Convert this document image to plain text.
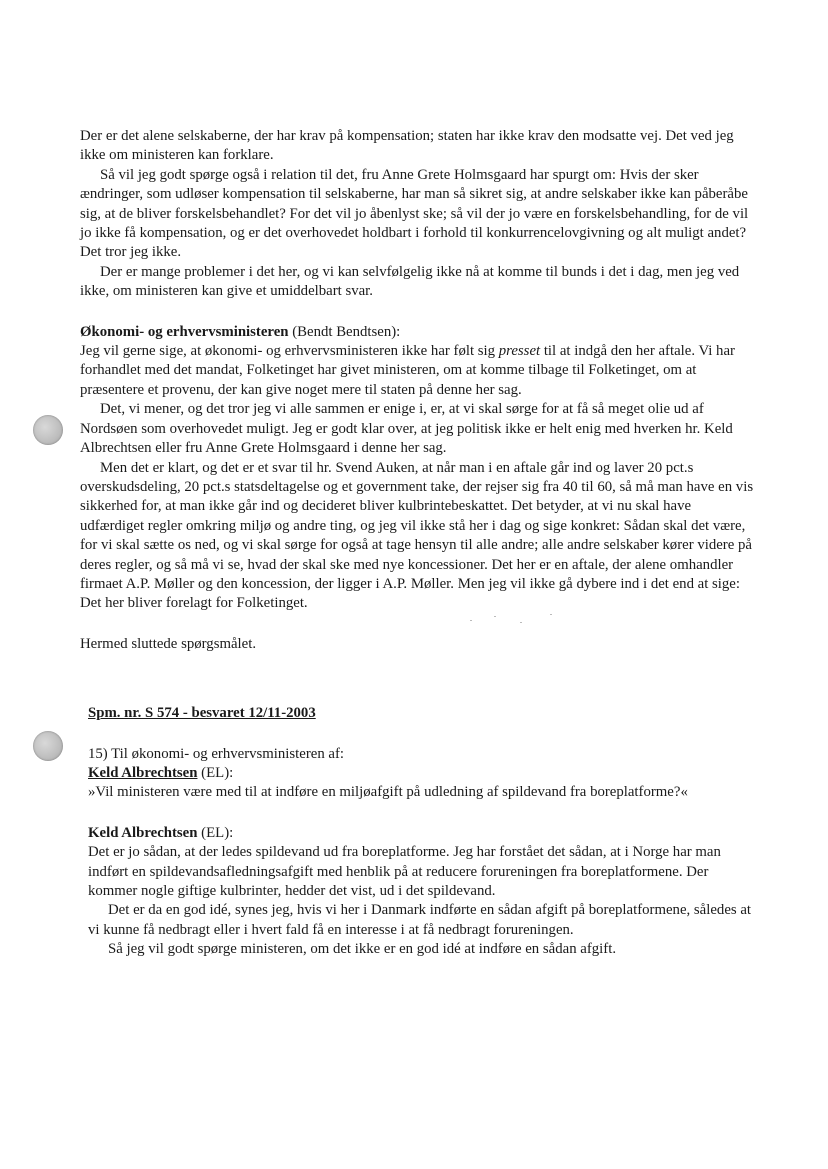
Der er det alene selskaberne, der har krav på kompensation; staten har ikke krav den modsatte vej. Det ved jeg ikke om ministeren kan forklare.

Så vil jeg godt spørge også i relation til det, fru Anne Grete Holmsgaard har spurgt om: Hvis der sker ændringer, som udløser kompensation til selskaberne, har man så sikret sig, at andre selskaber ikke kan påberåbe sig, at de bliver forskelsbehandlet? For det vil jo åbenlyst ske; så vil der jo være en forskelsbehandling, for de vil jo ikke få kompensation, og er det overhovedet holdbart i forhold til konkurrencelovgivning og alt muligt andet? Det tror jeg ikke.

Der er mange problemer i det her, og vi kan selvfølgelig ikke nå at komme til bunds i det i dag, men jeg ved ikke, om ministeren kan give et umiddelbart svar.

Økonomi- og erhvervsministeren (Bendt Bendtsen):

Jeg vil gerne sige, at økonomi- og erhvervsministeren ikke har følt sig presset til at indgå den her aftale. Vi har forhandlet med det mandat, Folketinget har givet ministeren, om at komme tilbage til Folketinget, om at præsentere et provenu, der kan give noget mere til staten på denne her sag.

Det, vi mener, og det tror jeg vi alle sammen er enige i, er, at vi skal sørge for at få så meget olie ud af Nordsøen som overhovedet muligt. Jeg er godt klar over, at jeg politisk ikke er helt enig med hverken hr. Keld Albrechtsen eller fru Anne Grete Holmsgaard i denne her sag.

Men det er klart, og det er et svar til hr. Svend Auken, at når man i en aftale går ind og laver 20 pct.s overskudsdeling, 20 pct.s statsdeltagelse og et government take, der rejser sig fra 40 til 60, så må man have en vis sikkerhed for, at man ikke går ind og decideret bliver kulbrintebeskattet. Det betyder, at vi nu skal have udfærdiget regler omkring miljø og andre ting, og jeg vil ikke stå her i dag og sige konkret: Sådan skal det være, for vi skal sætte os ned, og vi skal sørge for også at tage hensyn til alle andre; alle andre selskaber kører videre på deres regler, og så må vi se, hvad der skal ske med nye koncessioner. Det her er en aftale, der alene omhandler firmaet A.P. Møller og den koncession, der ligger i A.P. Møller. Men jeg vil ikke gå dybere ind i det end at sige: Det her bliver forelagt for Folketinget.

Hermed sluttede spørgsmålet.

Spm. nr. S 574 - besvaret 12/11-2003

15) Til økonomi- og erhvervsministeren af:

Keld Albrechtsen (EL):

»Vil ministeren være med til at indføre en miljøafgift på udledning af spildevand fra boreplatforme?«

Keld Albrechtsen (EL):

Det er jo sådan, at der ledes spildevand ud fra boreplatforme. Jeg har forstået det sådan, at i Norge har man indført en spildevandsafledningsafgift med henblik på at reducere forureningen fra boreplatformene. Der kommer nogle giftige kulbrinter, hedder det vist, ud i det spildevand.

Det er da en god idé, synes jeg, hvis vi her i Danmark indførte en sådan afgift på boreplatformene, således at vi kunne få nedbragt eller i hvert fald få en interesse i at få nedbragt forureningen.

Så jeg vil godt spørge ministeren, om det ikke er en god idé at indføre en sådan afgift.
